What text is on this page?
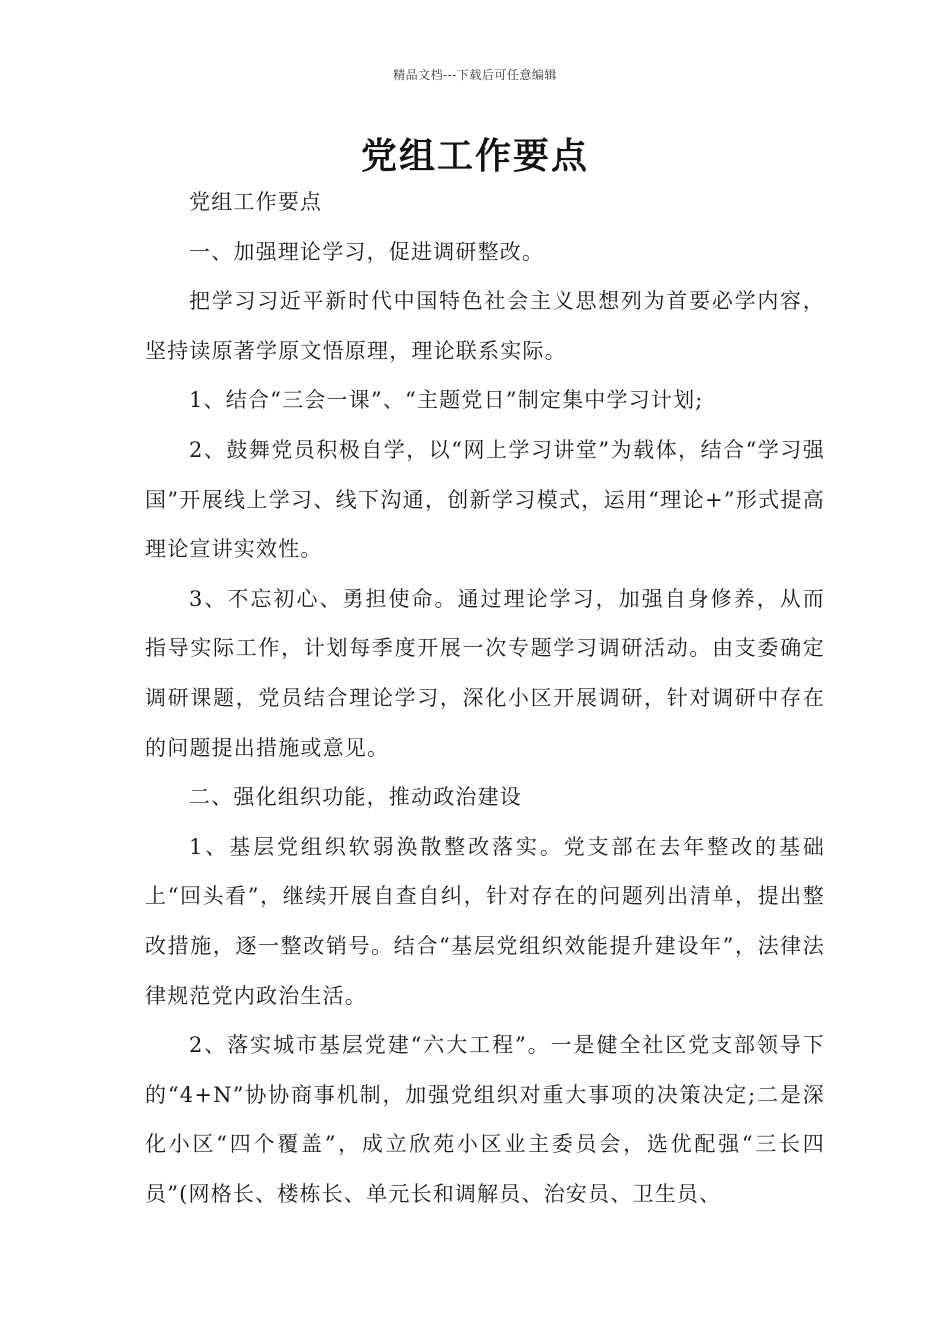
精品文档---下载后可任意编辑
党组工作要点

党组工作要点

一、加强理论学习，促进调研整改。

把学习习近平新时代中国特色社会主义思想列为首要必学内容，坚持读原著学原文悟原理，理论联系实际。

1、结合“三会一课”、“主题党日”制定集中学习计划;

2、鼓舞党员积极自学，以“网上学习讲堂”为载体，结合“学习强国”开展线上学习、线下沟通，创新学习模式，运用“理论+”形式提高理论宣讲实效性。

3、不忘初心、勇担使命。通过理论学习，加强自身修养，从而指导实际工作，计划每季度开展一次专题学习调研活动。由支委确定调研课题，党员结合理论学习，深化小区开展调研，针对调研中存在的问题提出措施或意见。

二、强化组织功能，推动政治建设

1、基层党组织软弱涣散整改落实。党支部在去年整改的基础上“回头看”，继续开展自查自纠，针对存在的问题列出清单，提出整改措施，逐一整改销号。结合“基层党组织效能提升建设年”，法律法律规范党内政治生活。

2、落实城市基层党建“六大工程”。一是健全社区党支部领导下的“4+N”协协商事机制，加强党组织对重大事项的决策决定;二是深化小区“四个覆盖”，成立欣苑小区业主委员会，选优配强“三长四员”(网格长、楼栋长、单元长和调解员、治安员、卫生员、
